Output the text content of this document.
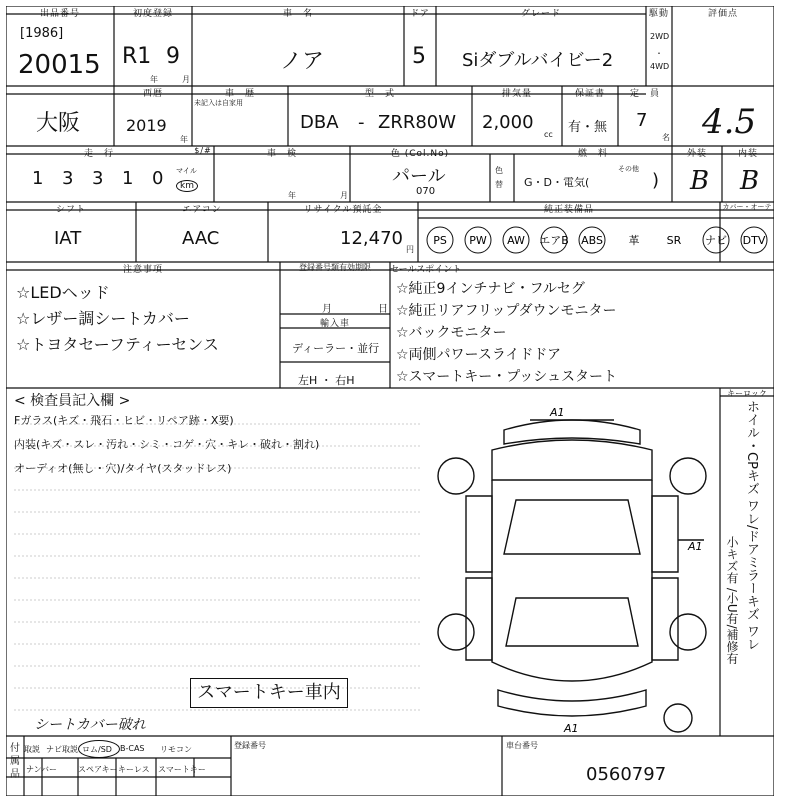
出品番号
[1986]
20015
初度登録
R1 9
年	月
車　名
ノア
ドア
5
グレード
Siダブルバイビー2
駆動
2WD
・
4WD
評価点
4.5
大阪
西暦
2019
年
車　歴
未記入は自家用
型　式
DBA - ZRR80W
排気量
2,000
cc
保証書
有・無
定　員
7
名
走　行
1 3 3 1 0 マイル
km
$/#	車　検
年	月
色 (Col.No)
パール
070
色替
燃　料
G・D・電気(
その他
)
外装
B
内装
B
シフト
IAT
エアコン
AAC
リサイクル預託金
12,470
円
純正装備品	カバー・オーテ
PS PW AW エアB ABS 革 SR ナビ DTV
注意事項
☆LEDヘッド
☆レザー調シートカバー
☆トヨタセーフティーセンス
登録番号類有効期限
月	日
輸入車
ディーラー・並行
左H ・ 右H
セールスポイント
☆純正9インチナビ・フルセグ
☆純正リアフリップダウンモニター
☆バックモニター
☆両側パワースライドドア
☆スマートキー・プッシュスタート
< 検査員記入欄 >
Fガラス(キズ・飛石・ヒビ・リペア跡・X要)
内装(キズ・スレ・汚れ・シミ・コゲ・穴・キレ・破れ・割れ)
オーディオ(無し・穴)/タイヤ(スタッドレス)
スマートキー車内
シートカバー破れ
キーロック
ホイル・CPキズ ワレ/ドアミラーキズ ワレ
小キズ有 /小U有/補修有
A1
A1
A1
付属品
取説 ナビ取説 ロム/SD B-CAS リモコン
ナンバー	スペアキー キーレス スマートキー
登録番号	車台番号
0560797
